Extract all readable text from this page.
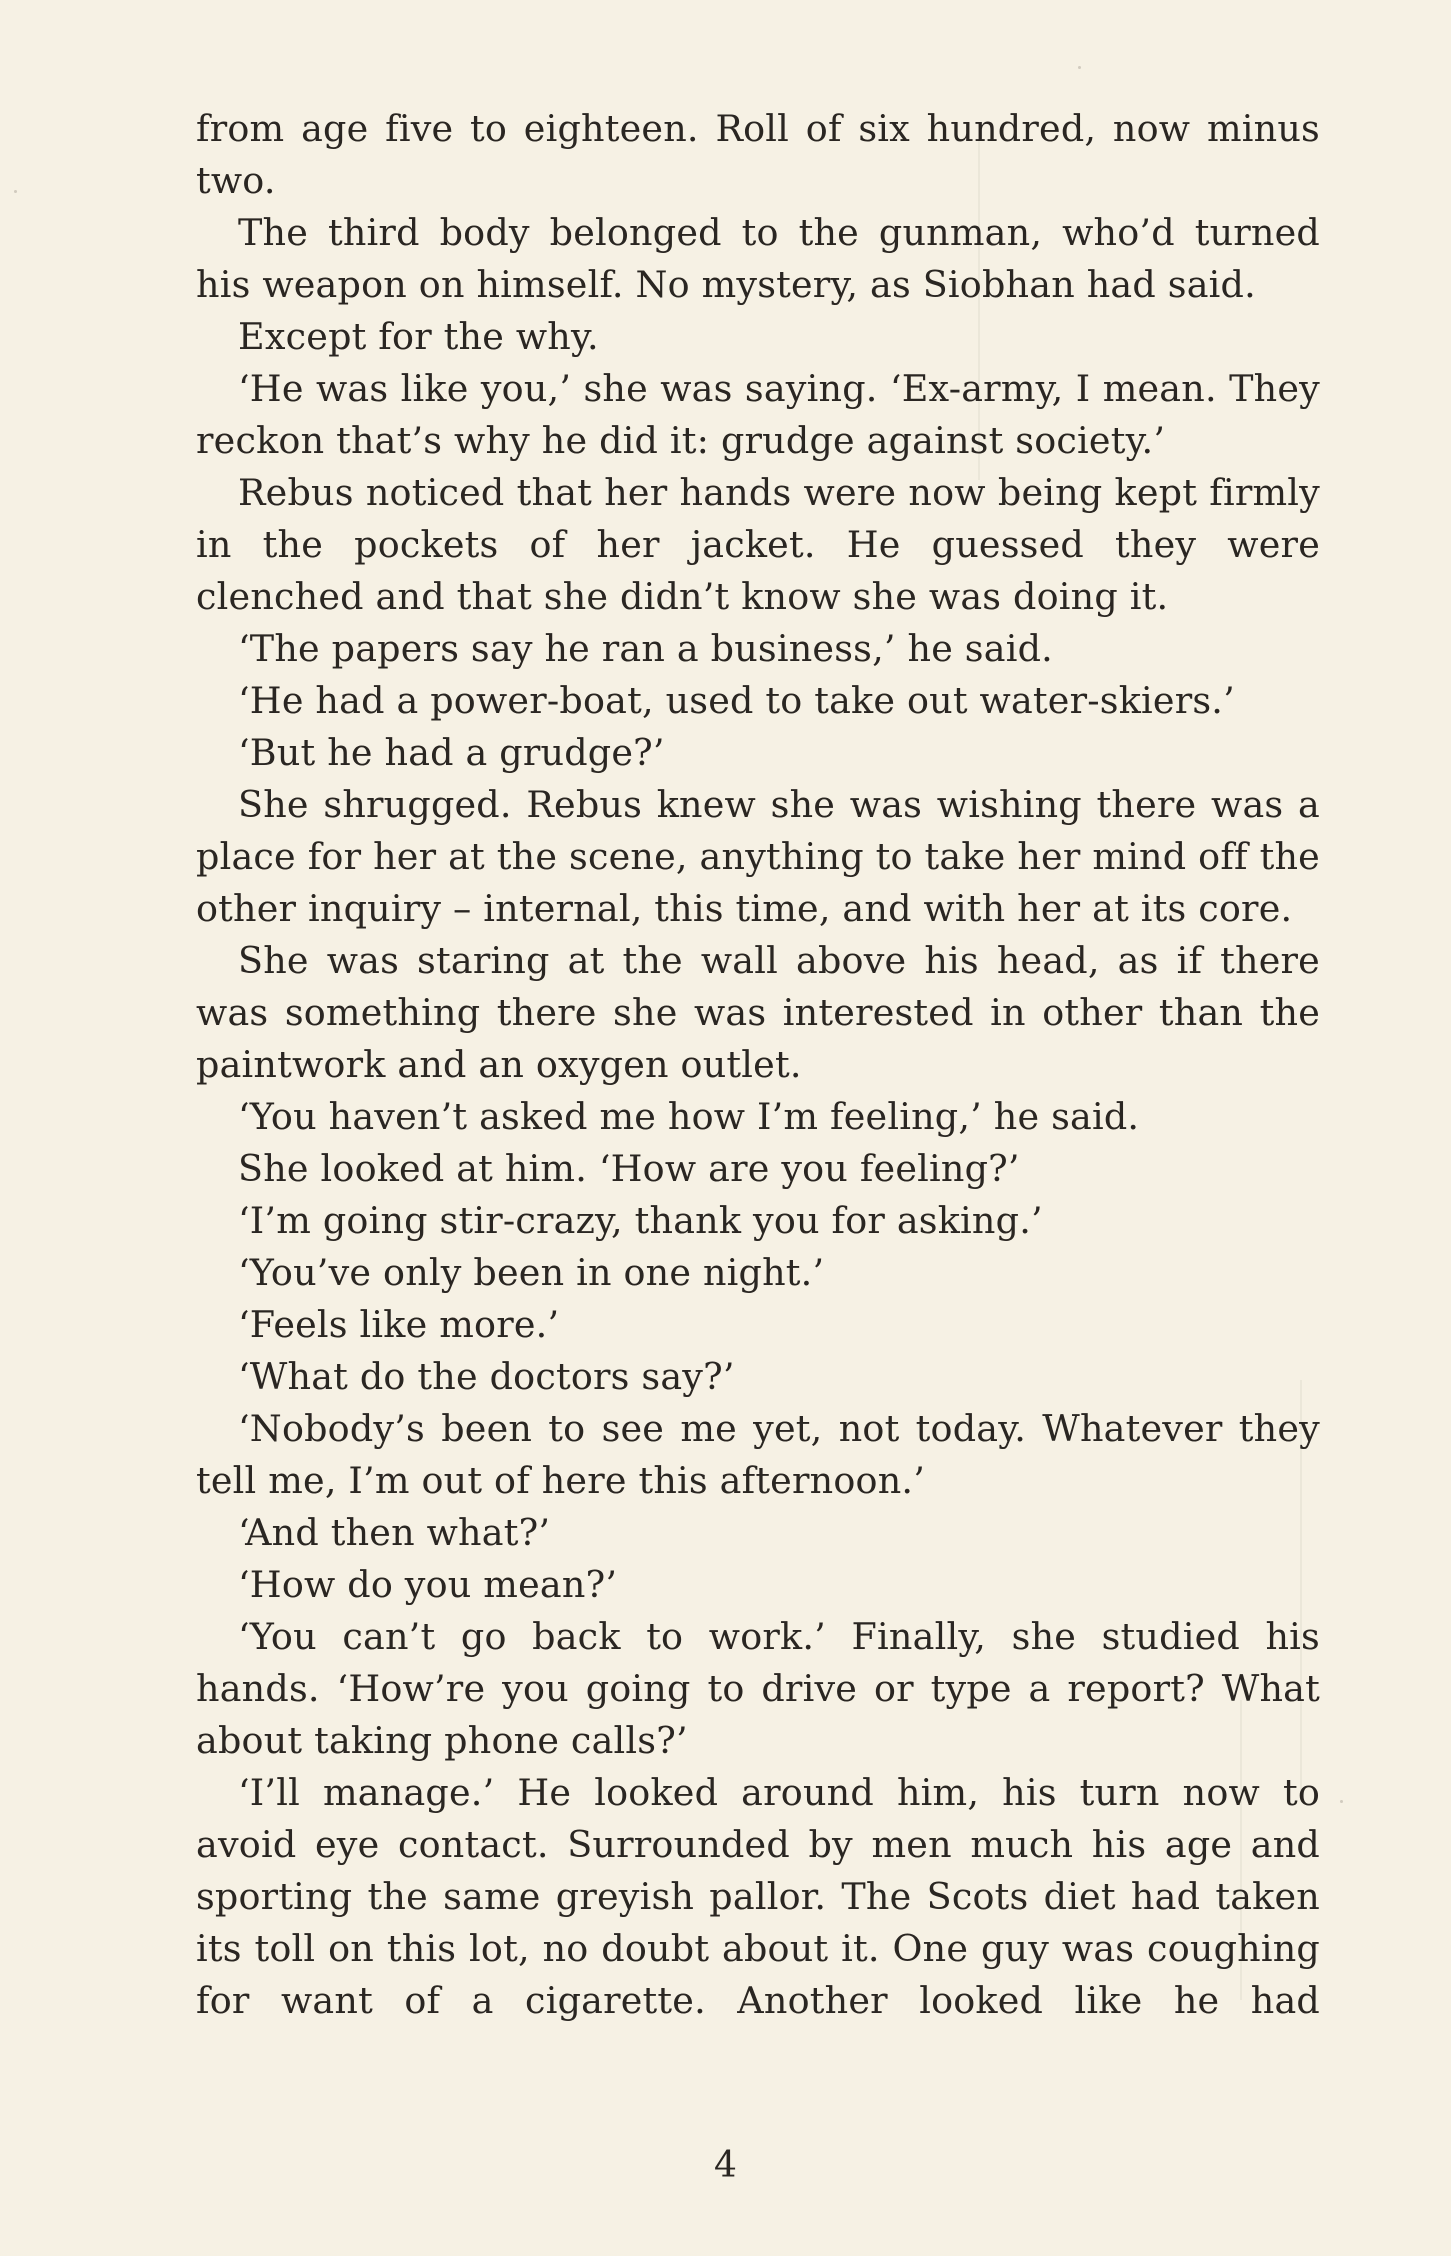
from age five to eighteen. Roll of six hundred, now minus two.

The third body belonged to the gunman, who’d turned his weapon on himself. No mystery, as Siobhan had said.

Except for the why.

‘He was like you,’ she was saying. ‘Ex-army, I mean. They reckon that’s why he did it: grudge against society.’

Rebus noticed that her hands were now being kept firmly in the pockets of her jacket. He guessed they were clenched and that she didn’t know she was doing it.

‘The papers say he ran a business,’ he said.

‘He had a power-boat, used to take out water-skiers.’

‘But he had a grudge?’

She shrugged. Rebus knew she was wishing there was a place for her at the scene, anything to take her mind off the other inquiry – internal, this time, and with her at its core.

She was staring at the wall above his head, as if there was something there she was interested in other than the paintwork and an oxygen outlet.

‘You haven’t asked me how I’m feeling,’ he said.

She looked at him. ‘How are you feeling?’

‘I’m going stir-crazy, thank you for asking.’

‘You’ve only been in one night.’

‘Feels like more.’

‘What do the doctors say?’

‘Nobody’s been to see me yet, not today. Whatever they tell me, I’m out of here this afternoon.’

‘And then what?’

‘How do you mean?’

‘You can’t go back to work.’ Finally, she studied his hands. ‘How’re you going to drive or type a report? What about taking phone calls?’

‘I’ll manage.’ He looked around him, his turn now to avoid eye contact. Surrounded by men much his age and sporting the same greyish pallor. The Scots diet had taken its toll on this lot, no doubt about it. One guy was coughing for want of a cigarette. Another looked like he had

4
